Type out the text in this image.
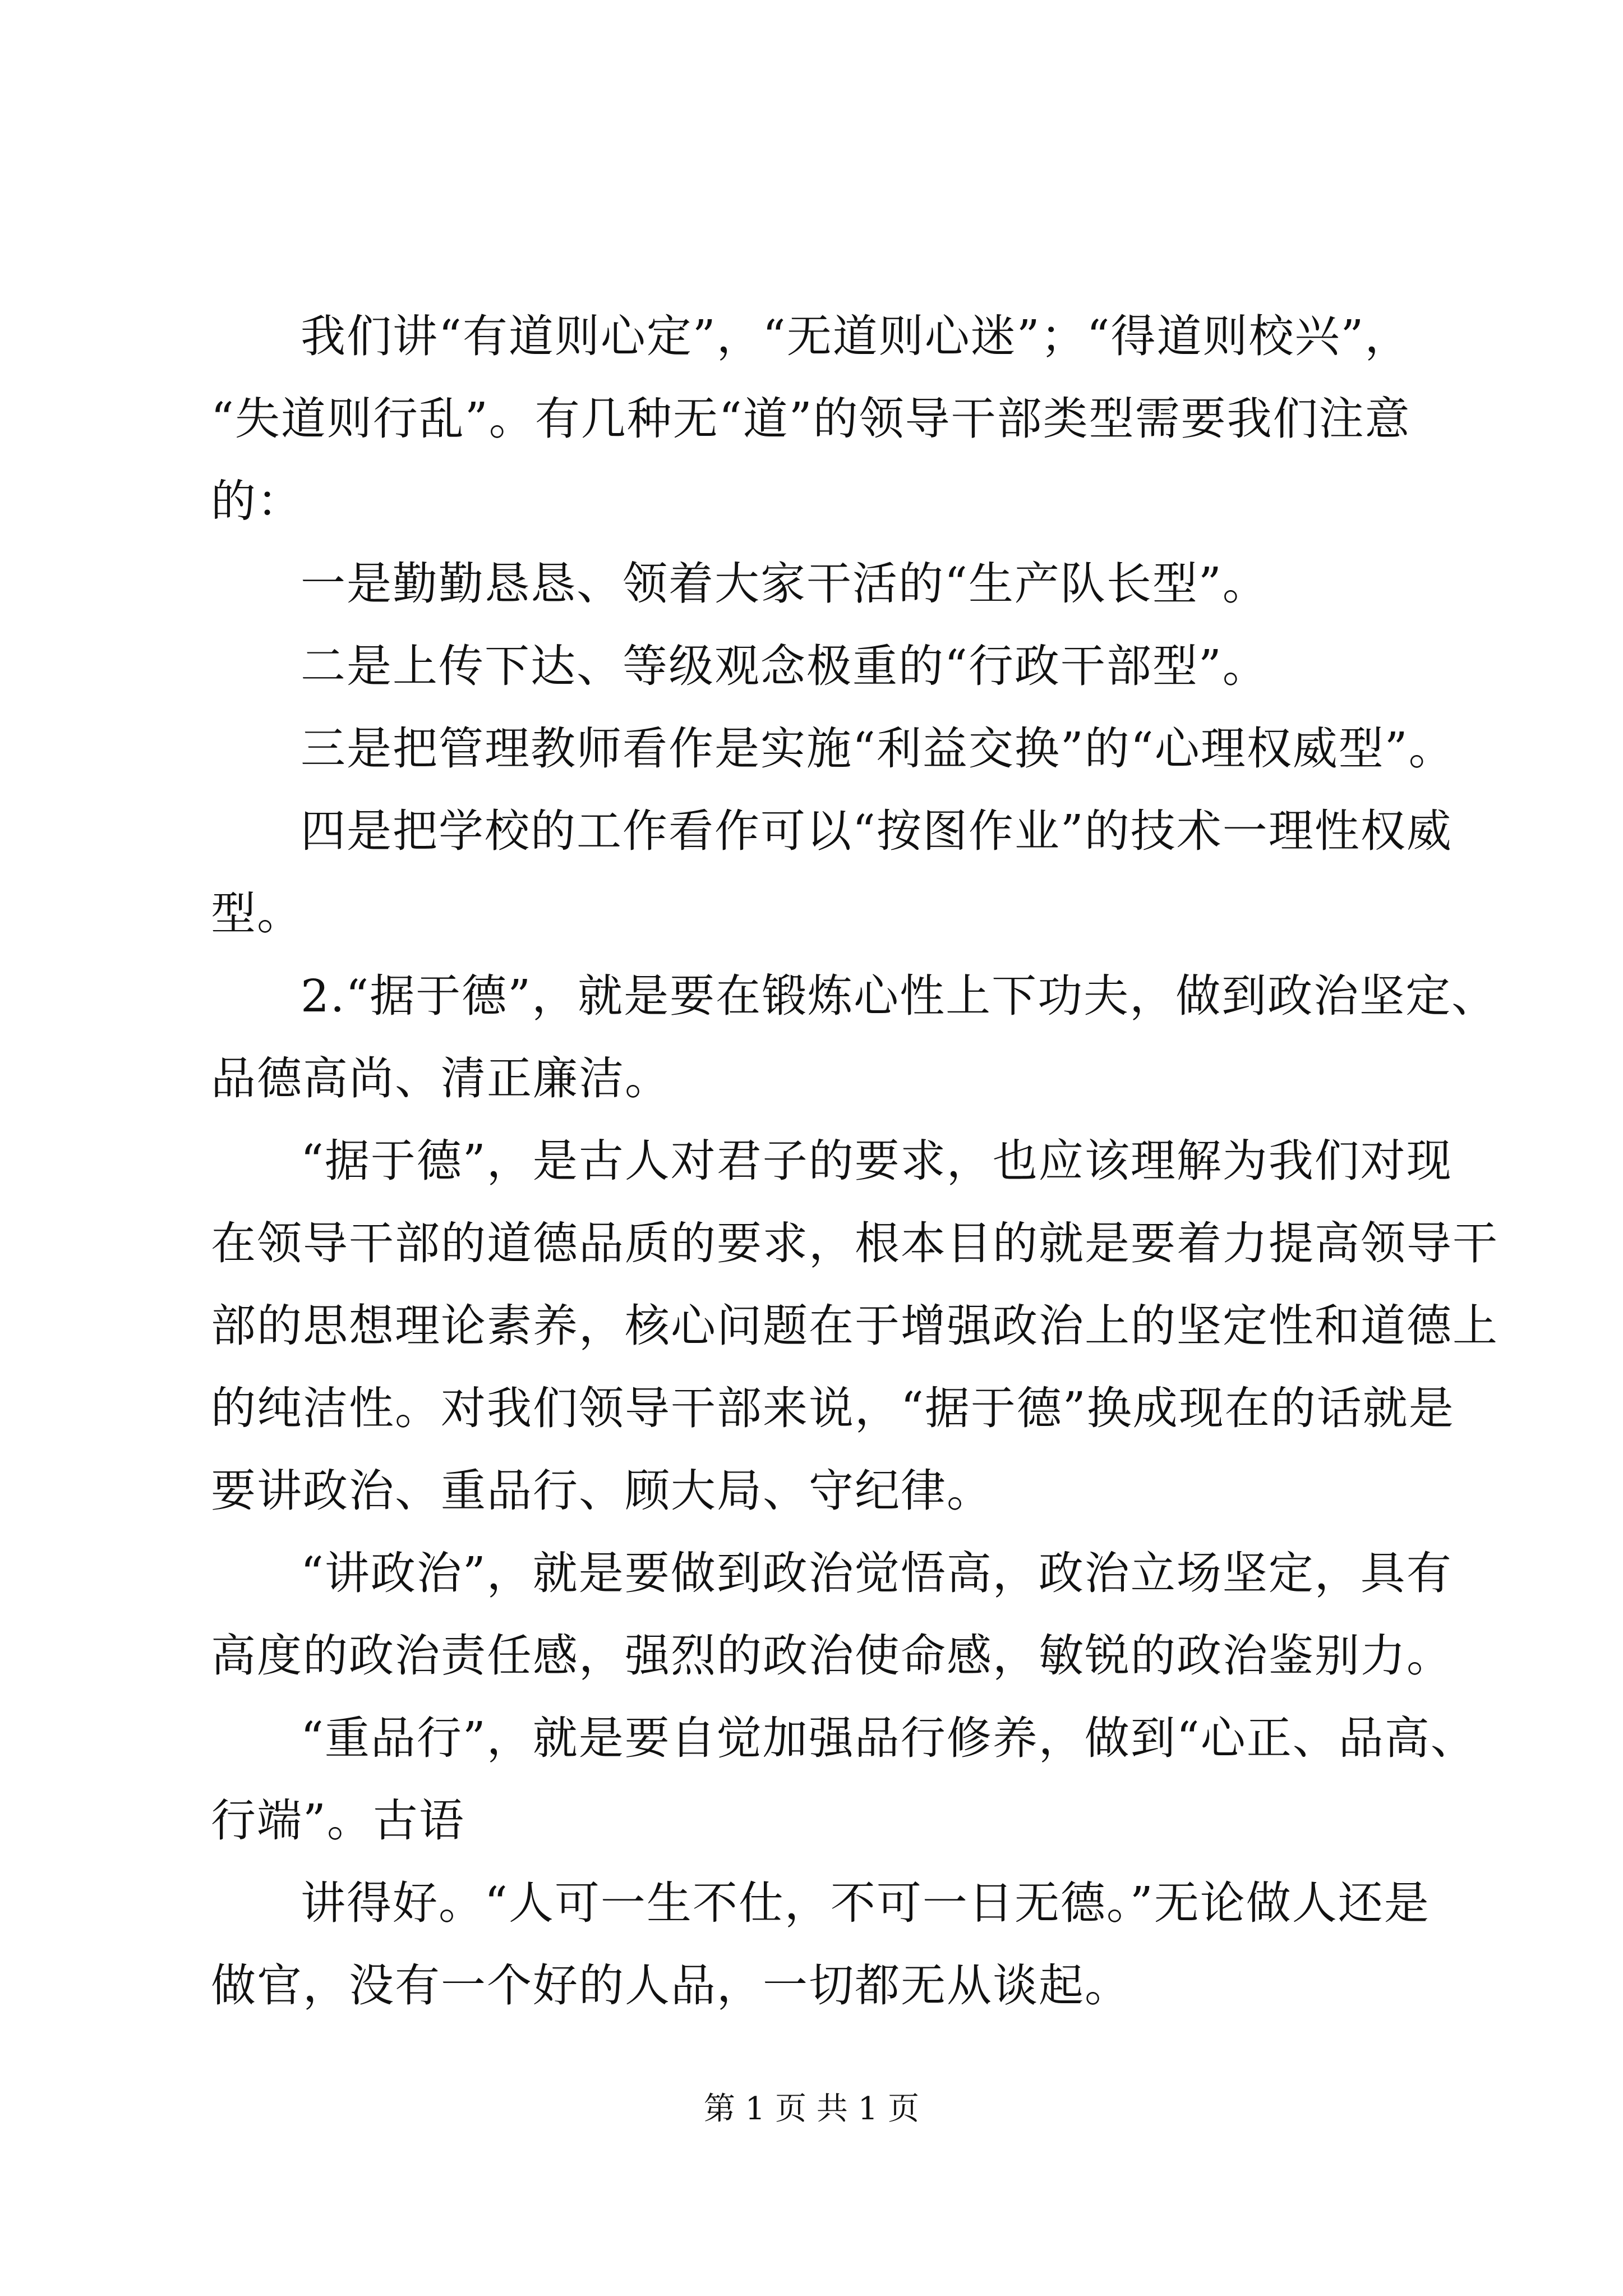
我们讲“有道则心定”，“无道则心迷”；“得道则校兴”，

“失道则行乱”。有几种无“道”的领导干部类型需要我们注意

的：

一是勤勤恳恳、领着大家干活的“生产队长型”。

二是上传下达、等级观念极重的“行政干部型”。

三是把管理教师看作是实施“利益交换”的“心理权威型”。

四是把学校的工作看作可以“按图作业”的技术一理性权威

型。

2.“据于德”，就是要在锻炼心性上下功夫，做到政治坚定、

品德高尚、清正廉洁。

“据于德”，是古人对君子的要求，也应该理解为我们对现

在领导干部的道德品质的要求，根本目的就是要着力提高领导干

部的思想理论素养，核心问题在于增强政治上的坚定性和道德上

的纯洁性。对我们领导干部来说，“据于德”换成现在的话就是

要讲政治、重品行、顾大局、守纪律。

“讲政治”，就是要做到政治觉悟高，政治立场坚定，具有

高度的政治责任感，强烈的政治使命感，敏锐的政治鉴别力。

“重品行”，就是要自觉加强品行修养，做到“心正、品高、

行端”。古语

讲得好。“人可一生不仕，不可一日无德。”无论做人还是

做官，没有一个好的人品，一切都无从谈起。

第 1 页 共 1 页
